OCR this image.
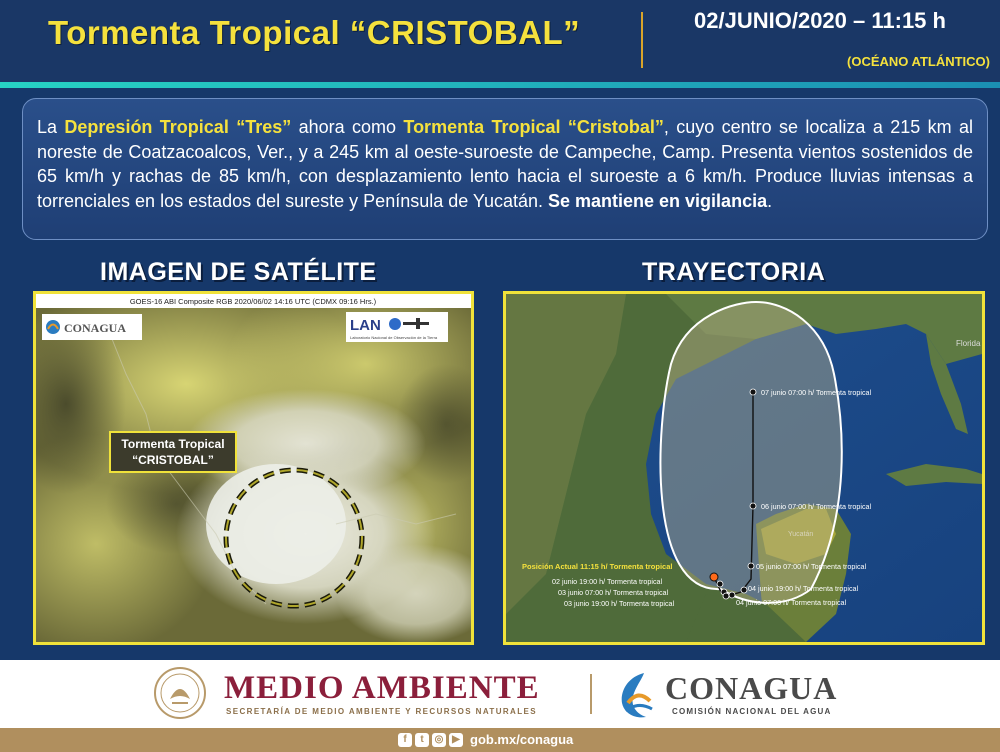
Tormenta Tropical “CRISTOBAL”	02/JUNIO/2020 – 11:15 h
(OCÉANO ATLÁNTICO)

La Depresión Tropical “Tres” ahora como Tormenta Tropical “Cristobal”, cuyo centro se localiza a 215 km al noreste de Coatzacoalcos, Ver., y a 245 km al oeste-suroeste de Campeche, Camp. Presenta vientos sostenidos de 65 km/h y rachas de 85 km/h, con desplazamiento lento hacia el suroeste a 6 km/h. Produce lluvias intensas a torrenciales en los estados del sureste y Península de Yucatán. Se mantiene en vigilancia.

IMAGEN DE SATÉLITE	TRAYECTORIA
GOES-16 ABI Composite RGB 2020/06/02 14:16 UTC (CDMX 09:16 Hrs.)
CONAGUA	LAN
Laboratorio Nacional de Observación de la Tierra
Tormenta Tropical
“CRISTOBAL”
Florida
Yucatán
07 junio 07:00 h/ Tormenta tropical
06 junio 07:00 h/ Tormenta tropical
05 junio 07:00 h/ Tormenta tropical
04 junio 19:00 h/ Tormenta tropical
04 junio 07:00 h/ Tormenta tropical
02 junio 19:00 h/ Tormenta tropical
03 junio 07:00 h/ Tormenta tropical
03 junio 19:00 h/ Tormenta tropical
Posición Actual 11:15 h/ Tormenta tropical
MEDIO AMBIENTE
SECRETARÍA DE MEDIO AMBIENTE Y RECURSOS NATURALES
CONAGUA
COMISIÓN NACIONAL DEL AGUA
f	t	◎ ▶ gob.mx/conagua
